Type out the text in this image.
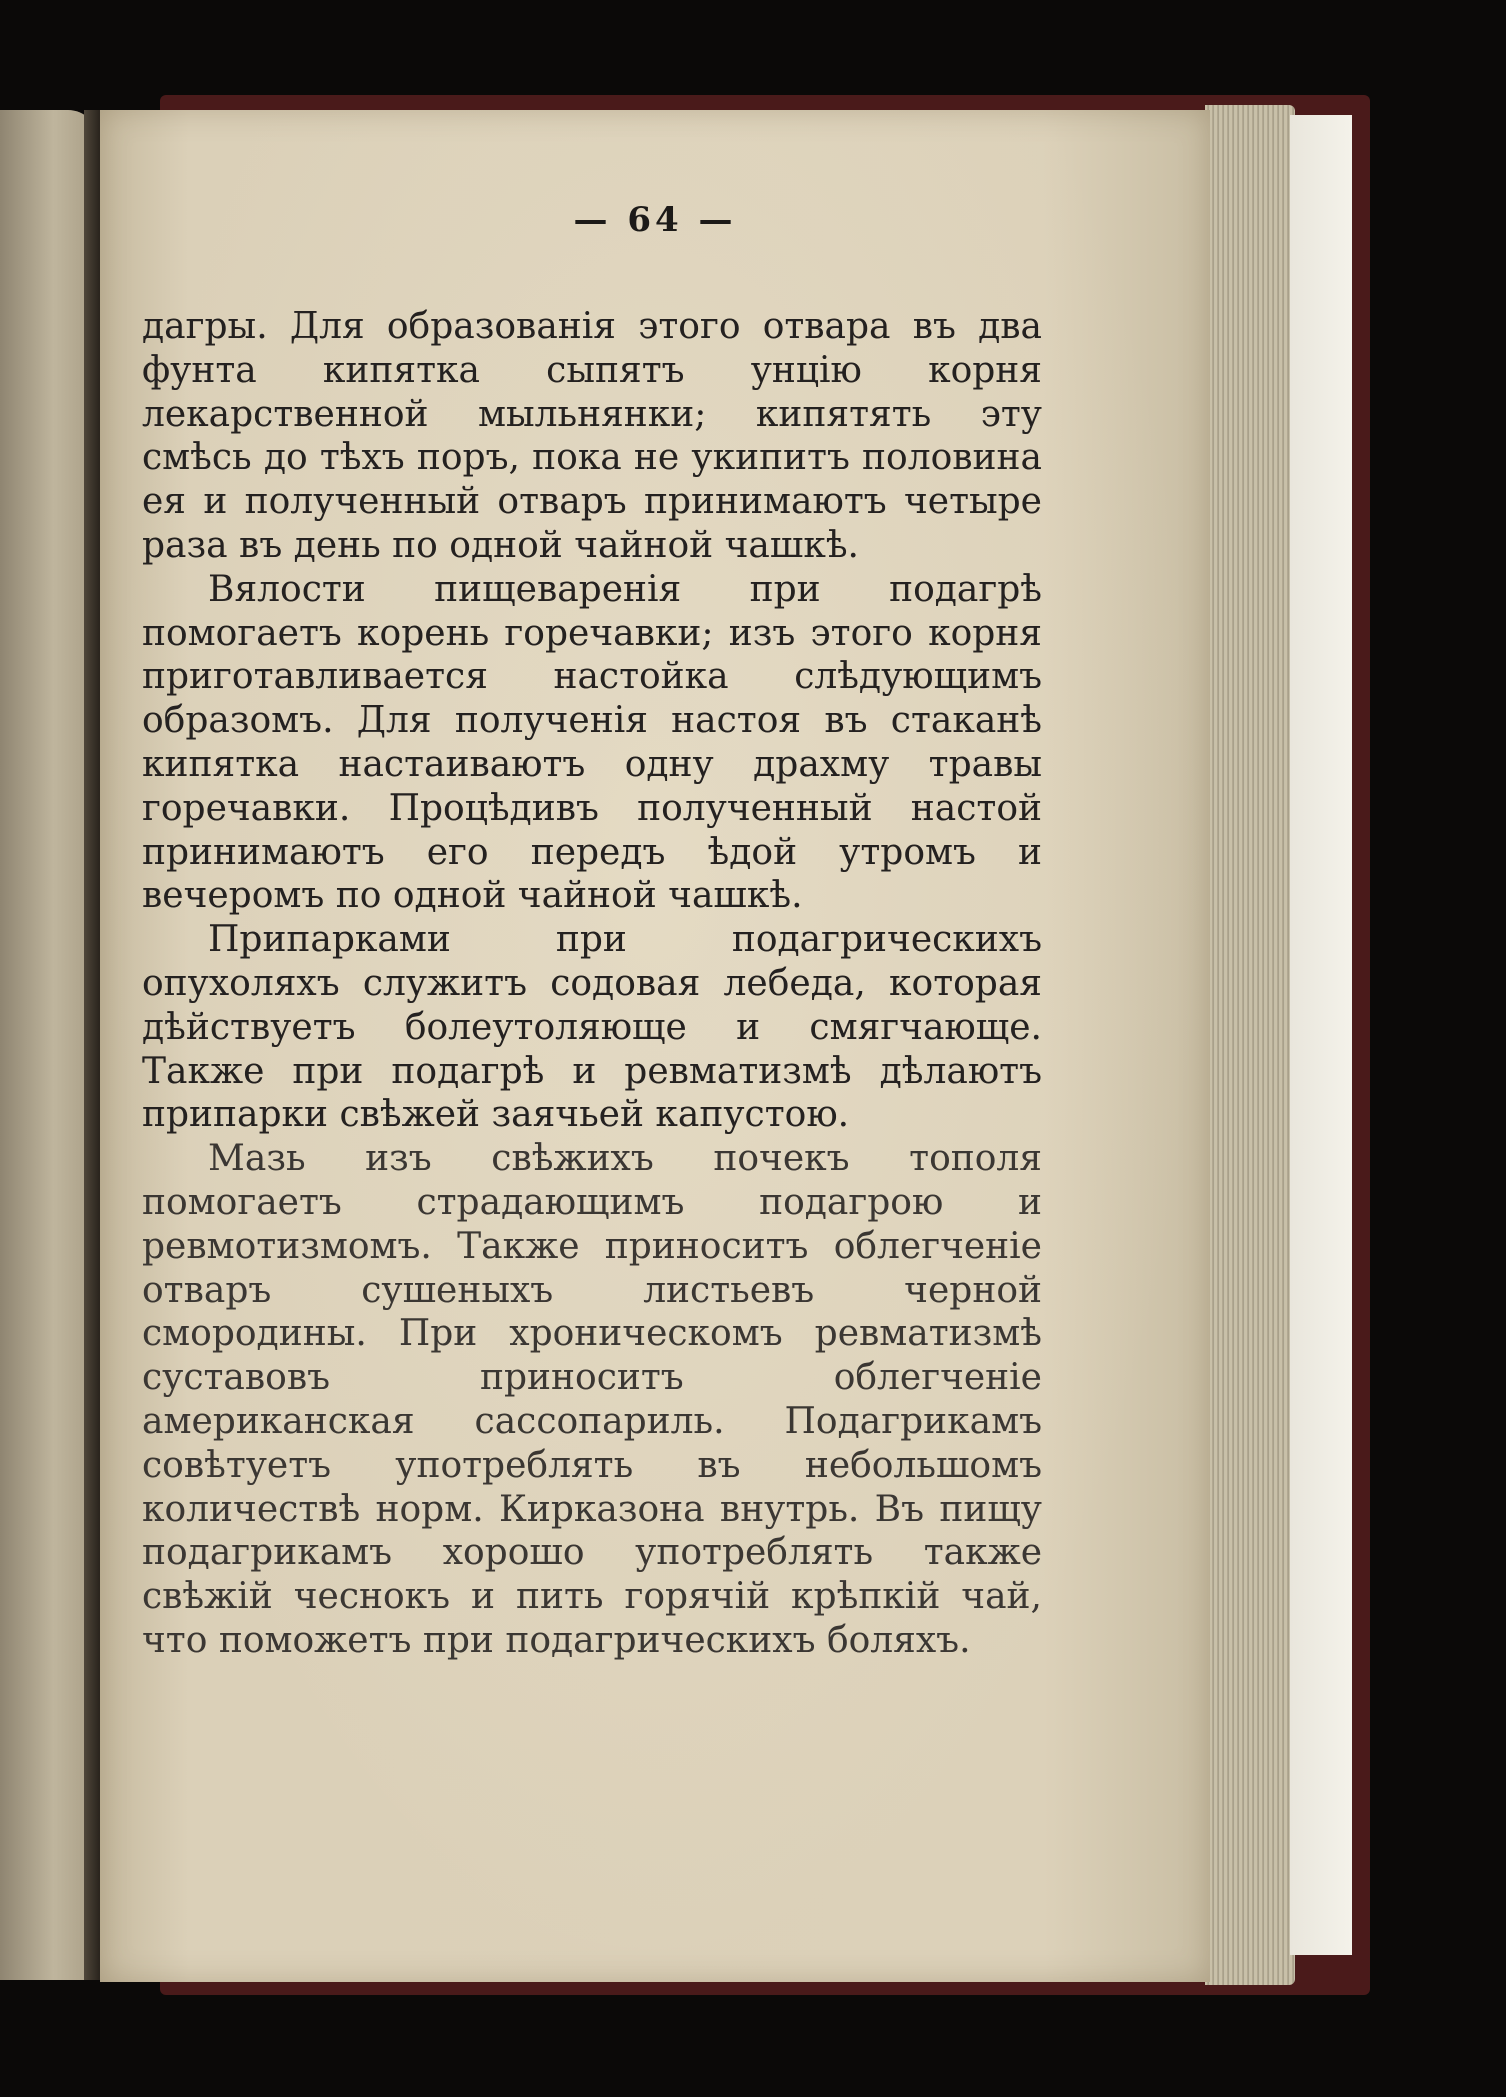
— 64 —

дагры. Для образованія этого отвара въ два фунта кипятка сыпятъ унцію корня лекарственной мыльнянки; кипятять эту смѣсь до тѣхъ поръ, пока не укипитъ половина ея и полученный отваръ принимаютъ четыре раза въ день по одной чайной чашкѣ.

Вялости пищеваренія при подагрѣ помогаетъ корень горечавки; изъ этого корня приготавливается настойка слѣдующимъ образомъ. Для полученія настоя въ стаканѣ кипятка настаиваютъ одну драхму травы горечавки. Процѣдивъ полученный настой принимаютъ его передъ ѣдой утромъ и вечеромъ по одной чайной чашкѣ.

Припарками при подагрическихъ опухоляхъ служитъ содовая лебеда, которая дѣйствуетъ болеутоляюще и смягчающе. Также при подагрѣ и ревматизмѣ дѣлаютъ припарки свѣжей заячьей капустою.

Мазь изъ свѣжихъ почекъ тополя помогаетъ страдающимъ подагрою и ревмотизмомъ. Также приноситъ облегченіе отваръ сушеныхъ листьевъ черной смородины. При хроническомъ ревматизмѣ суставовъ приноситъ облегченіе американская сассопариль. Подагрикамъ совѣтуетъ употреблять въ небольшомъ количествѣ норм. Кирказона внутрь. Въ пищу подагрикамъ хорошо употреблять также свѣжій чеснокъ и пить горячій крѣпкій чай, что поможетъ при подагрическихъ боляхъ.
